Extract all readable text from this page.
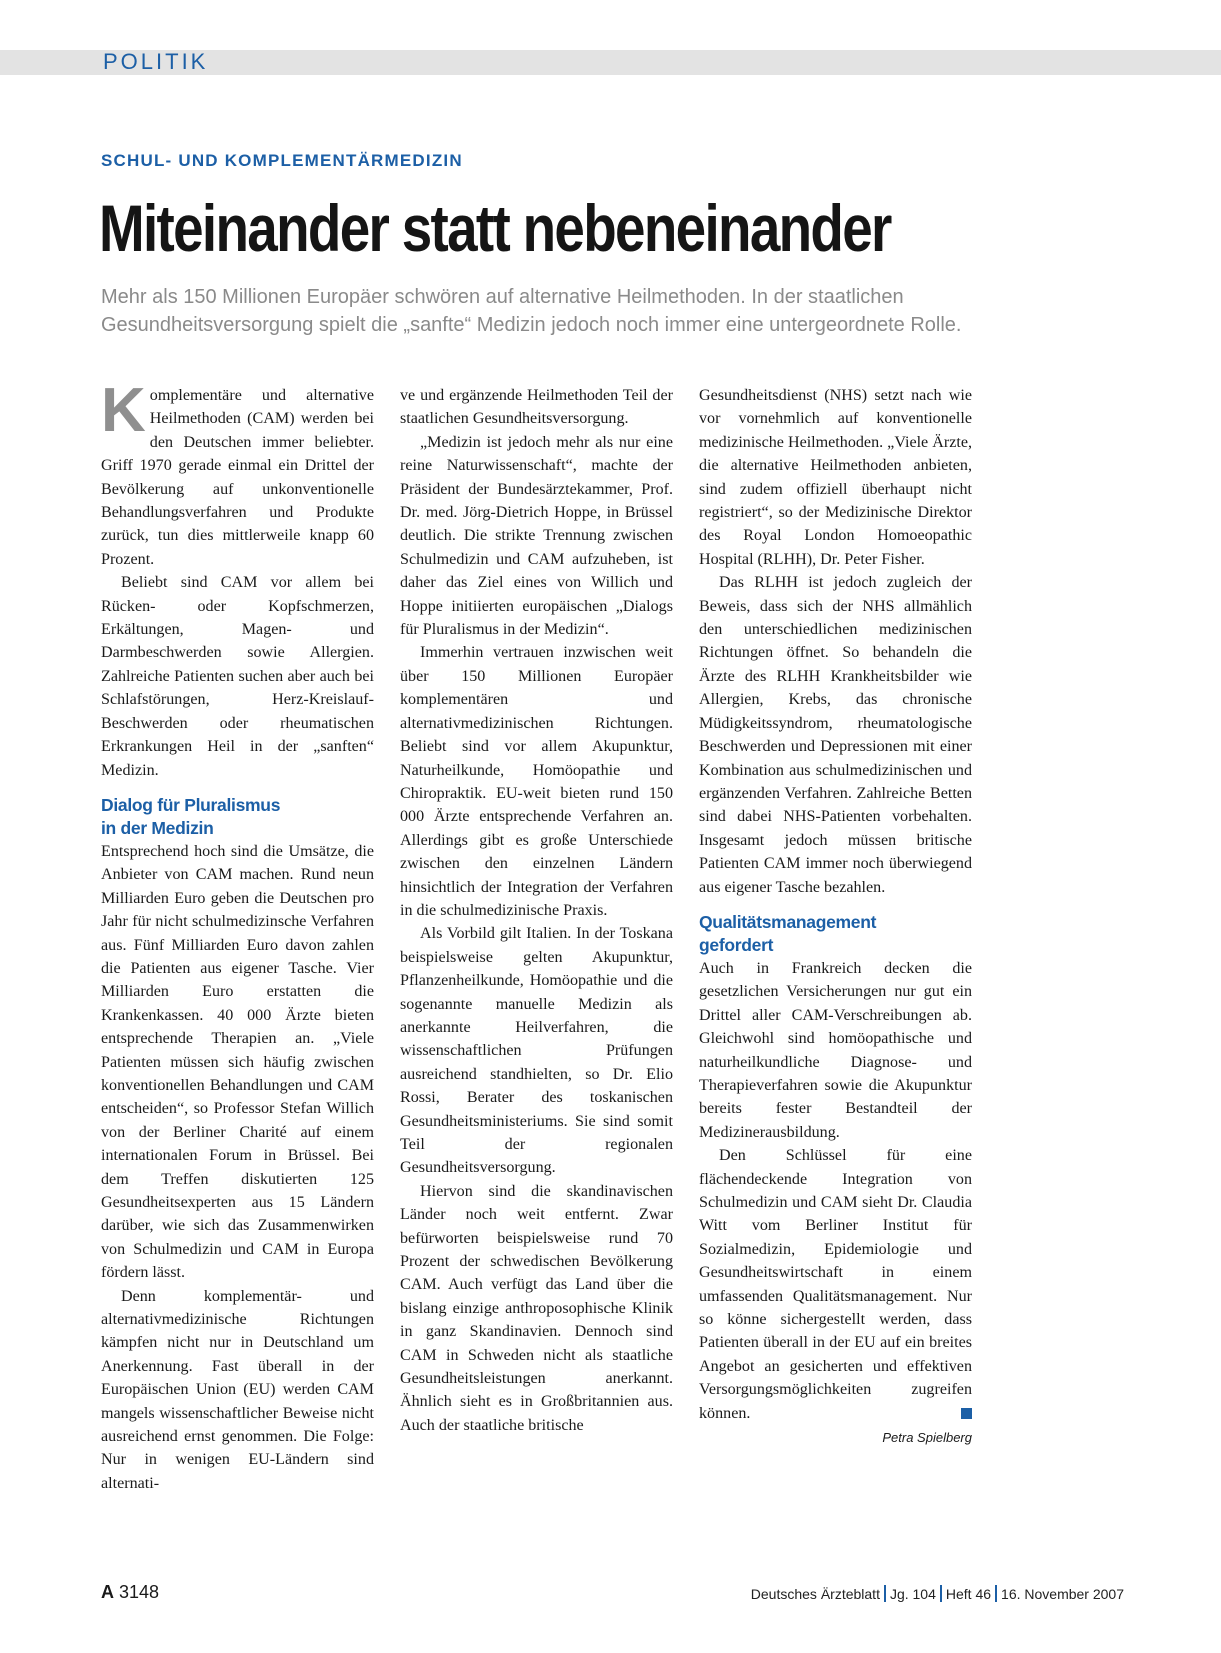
POLITIK
SCHUL- UND KOMPLEMENTÄRMEDIZIN
Miteinander statt nebeneinander

Mehr als 150 Millionen Europäer schwören auf alternative Heilmethoden. In der staatlichen Gesundheitsversorgung spielt die „sanfte“ Medizin jedoch noch immer eine untergeordnete Rolle.

Komplementäre und alternative Heilmethoden (CAM) werden bei den Deutschen immer beliebter. Griff 1970 gerade einmal ein Drittel der Bevölkerung auf unkonventionelle Behandlungsverfahren und Produkte zurück, tun dies mittlerweile knapp 60 Prozent.

Beliebt sind CAM vor allem bei Rücken- oder Kopfschmerzen, Erkältungen, Magen- und Darmbeschwerden sowie Allergien. Zahlreiche Patienten suchen aber auch bei Schlafstörungen, Herz-Kreislauf-Beschwerden oder rheumatischen Erkrankungen Heil in der „sanften“ Medizin.

Dialog für Pluralismus
in der Medizin

Entsprechend hoch sind die Umsätze, die Anbieter von CAM machen. Rund neun Milliarden Euro geben die Deutschen pro Jahr für nicht schulmedizinsche Verfahren aus. Fünf Milliarden Euro davon zahlen die Patienten aus eigener Tasche. Vier Milliarden Euro erstatten die Krankenkassen. 40 000 Ärzte bieten entsprechende Therapien an. „Viele Patienten müssen sich häufig zwischen konventionellen Behandlungen und CAM entscheiden“, so Professor Stefan Willich von der Berliner Charité auf einem internationalen Forum in Brüssel. Bei dem Treffen diskutierten 125 Gesundheitsexperten aus 15 Ländern darüber, wie sich das Zusammenwirken von Schulmedizin und CAM in Europa fördern lässt.

Denn komplementär- und alternativmedizinische Richtungen kämpfen nicht nur in Deutschland um Anerkennung. Fast überall in der Europäischen Union (EU) werden CAM mangels wissenschaftlicher Beweise nicht ausreichend ernst genommen. Die Folge: Nur in wenigen EU-Ländern sind alternati-

ve und ergänzende Heilmethoden Teil der staatlichen Gesundheitsversorgung.

„Medizin ist jedoch mehr als nur eine reine Naturwissenschaft“, machte der Präsident der Bundesärztekammer, Prof. Dr. med. Jörg-Dietrich Hoppe, in Brüssel deutlich. Die strikte Trennung zwischen Schulmedizin und CAM aufzuheben, ist daher das Ziel eines von Willich und Hoppe initiierten europäischen „Dialogs für Pluralismus in der Medizin“.

Immerhin vertrauen inzwischen weit über 150 Millionen Europäer komplementären und alternativmedizinischen Richtungen. Beliebt sind vor allem Akupunktur, Naturheilkunde, Homöopathie und Chiropraktik. EU-weit bieten rund 150 000 Ärzte entsprechende Verfahren an. Allerdings gibt es große Unterschiede zwischen den einzelnen Ländern hinsichtlich der Integration der Verfahren in die schulmedizinische Praxis.

Als Vorbild gilt Italien. In der Toskana beispielsweise gelten Akupunktur, Pflanzenheilkunde, Homöopathie und die sogenannte manuelle Medizin als anerkannte Heilverfahren, die wissenschaftlichen Prüfungen ausreichend standhielten, so Dr. Elio Rossi, Berater des toskanischen Gesundheitsministeriums. Sie sind somit Teil der regionalen Gesundheitsversorgung.

Hiervon sind die skandinavischen Länder noch weit entfernt. Zwar befürworten beispielsweise rund 70 Prozent der schwedischen Bevölkerung CAM. Auch verfügt das Land über die bislang einzige anthroposophische Klinik in ganz Skandinavien. Dennoch sind CAM in Schweden nicht als staatliche Gesundheitsleistungen anerkannt. Ähnlich sieht es in Großbritannien aus. Auch der staatliche britische

Gesundheitsdienst (NHS) setzt nach wie vor vornehmlich auf konventionelle medizinische Heilmethoden. „Viele Ärzte, die alternative Heilmethoden anbieten, sind zudem offiziell überhaupt nicht registriert“, so der Medizinische Direktor des Royal London Homoeopathic Hospital (RLHH), Dr. Peter Fisher.

Das RLHH ist jedoch zugleich der Beweis, dass sich der NHS allmählich den unterschiedlichen medizinischen Richtungen öffnet. So behandeln die Ärzte des RLHH Krankheitsbilder wie Allergien, Krebs, das chronische Müdigkeitssyndrom, rheumatologische Beschwerden und Depressionen mit einer Kombination aus schulmedizinischen und ergänzenden Verfahren. Zahlreiche Betten sind dabei NHS-Patienten vorbehalten. Insgesamt jedoch müssen britische Patienten CAM immer noch überwiegend aus eigener Tasche bezahlen.

Qualitätsmanagement
gefordert

Auch in Frankreich decken die gesetzlichen Versicherungen nur gut ein Drittel aller CAM-Verschreibungen ab. Gleichwohl sind homöopathische und naturheilkundliche Diagnose- und Therapieverfahren sowie die Akupunktur bereits fester Bestandteil der Medizinerausbildung.

Den Schlüssel für eine flächendeckende Integration von Schulmedizin und CAM sieht Dr. Claudia Witt vom Berliner Institut für Sozialmedizin, Epidemiologie und Gesundheitswirtschaft in einem umfassenden Qualitätsmanagement. Nur so könne sichergestellt werden, dass Patienten überall in der EU auf ein breites Angebot an gesicherten und effektiven Versorgungsmöglichkeiten zugreifen können.

Petra Spielberg
A 3148	Deutsches Ärzteblatt Jg. 104 Heft 46 16. November 2007
